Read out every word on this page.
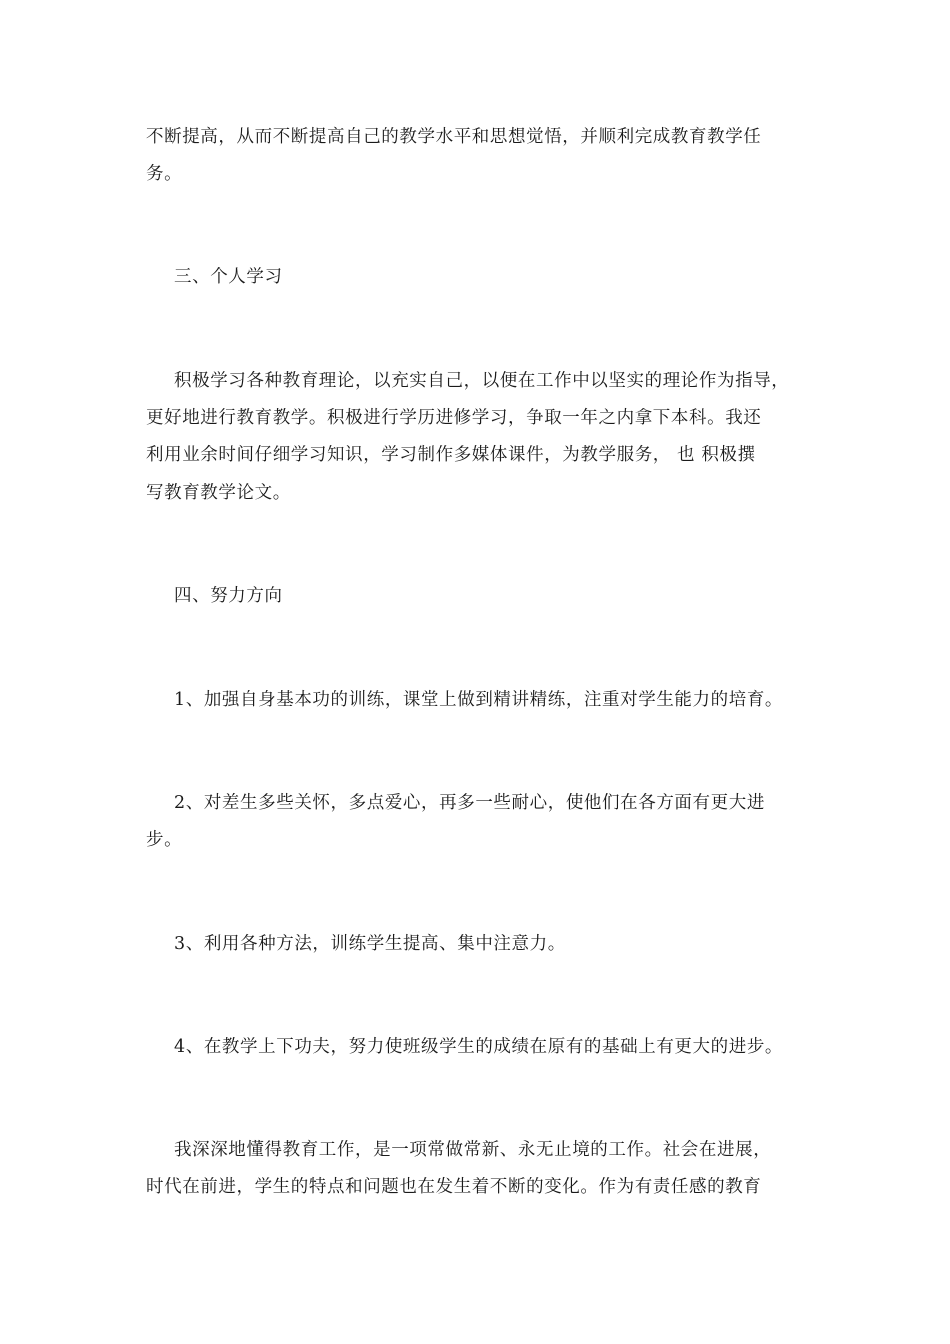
不断提高，从而不断提高自己的教学水平和思想觉悟，并顺利完成教育教学任
务。
三、个人学习
积极学习各种教育理论，以充实自己，以便在工作中以坚实的理论作为指导，
更好地进行教育教学。积极进行学历进修学习，争取一年之内拿下本科。我还
利用业余时间仔细学习知识，学习制作多媒体课件，为教学服务， 也 积极撰
写教育教学论文。
四、努力方向
1、加强自身基本功的训练，课堂上做到精讲精练，注重对学生能力的培育。
2、对差生多些关怀，多点爱心，再多一些耐心，使他们在各方面有更大进
步。
3、利用各种方法，训练学生提高、集中注意力。
4、在教学上下功夫，努力使班级学生的成绩在原有的基础上有更大的进步。
我深深地懂得教育工作，是一项常做常新、永无止境的工作。社会在进展，
时代在前进，学生的特点和问题也在发生着不断的变化。作为有责任感的教育
